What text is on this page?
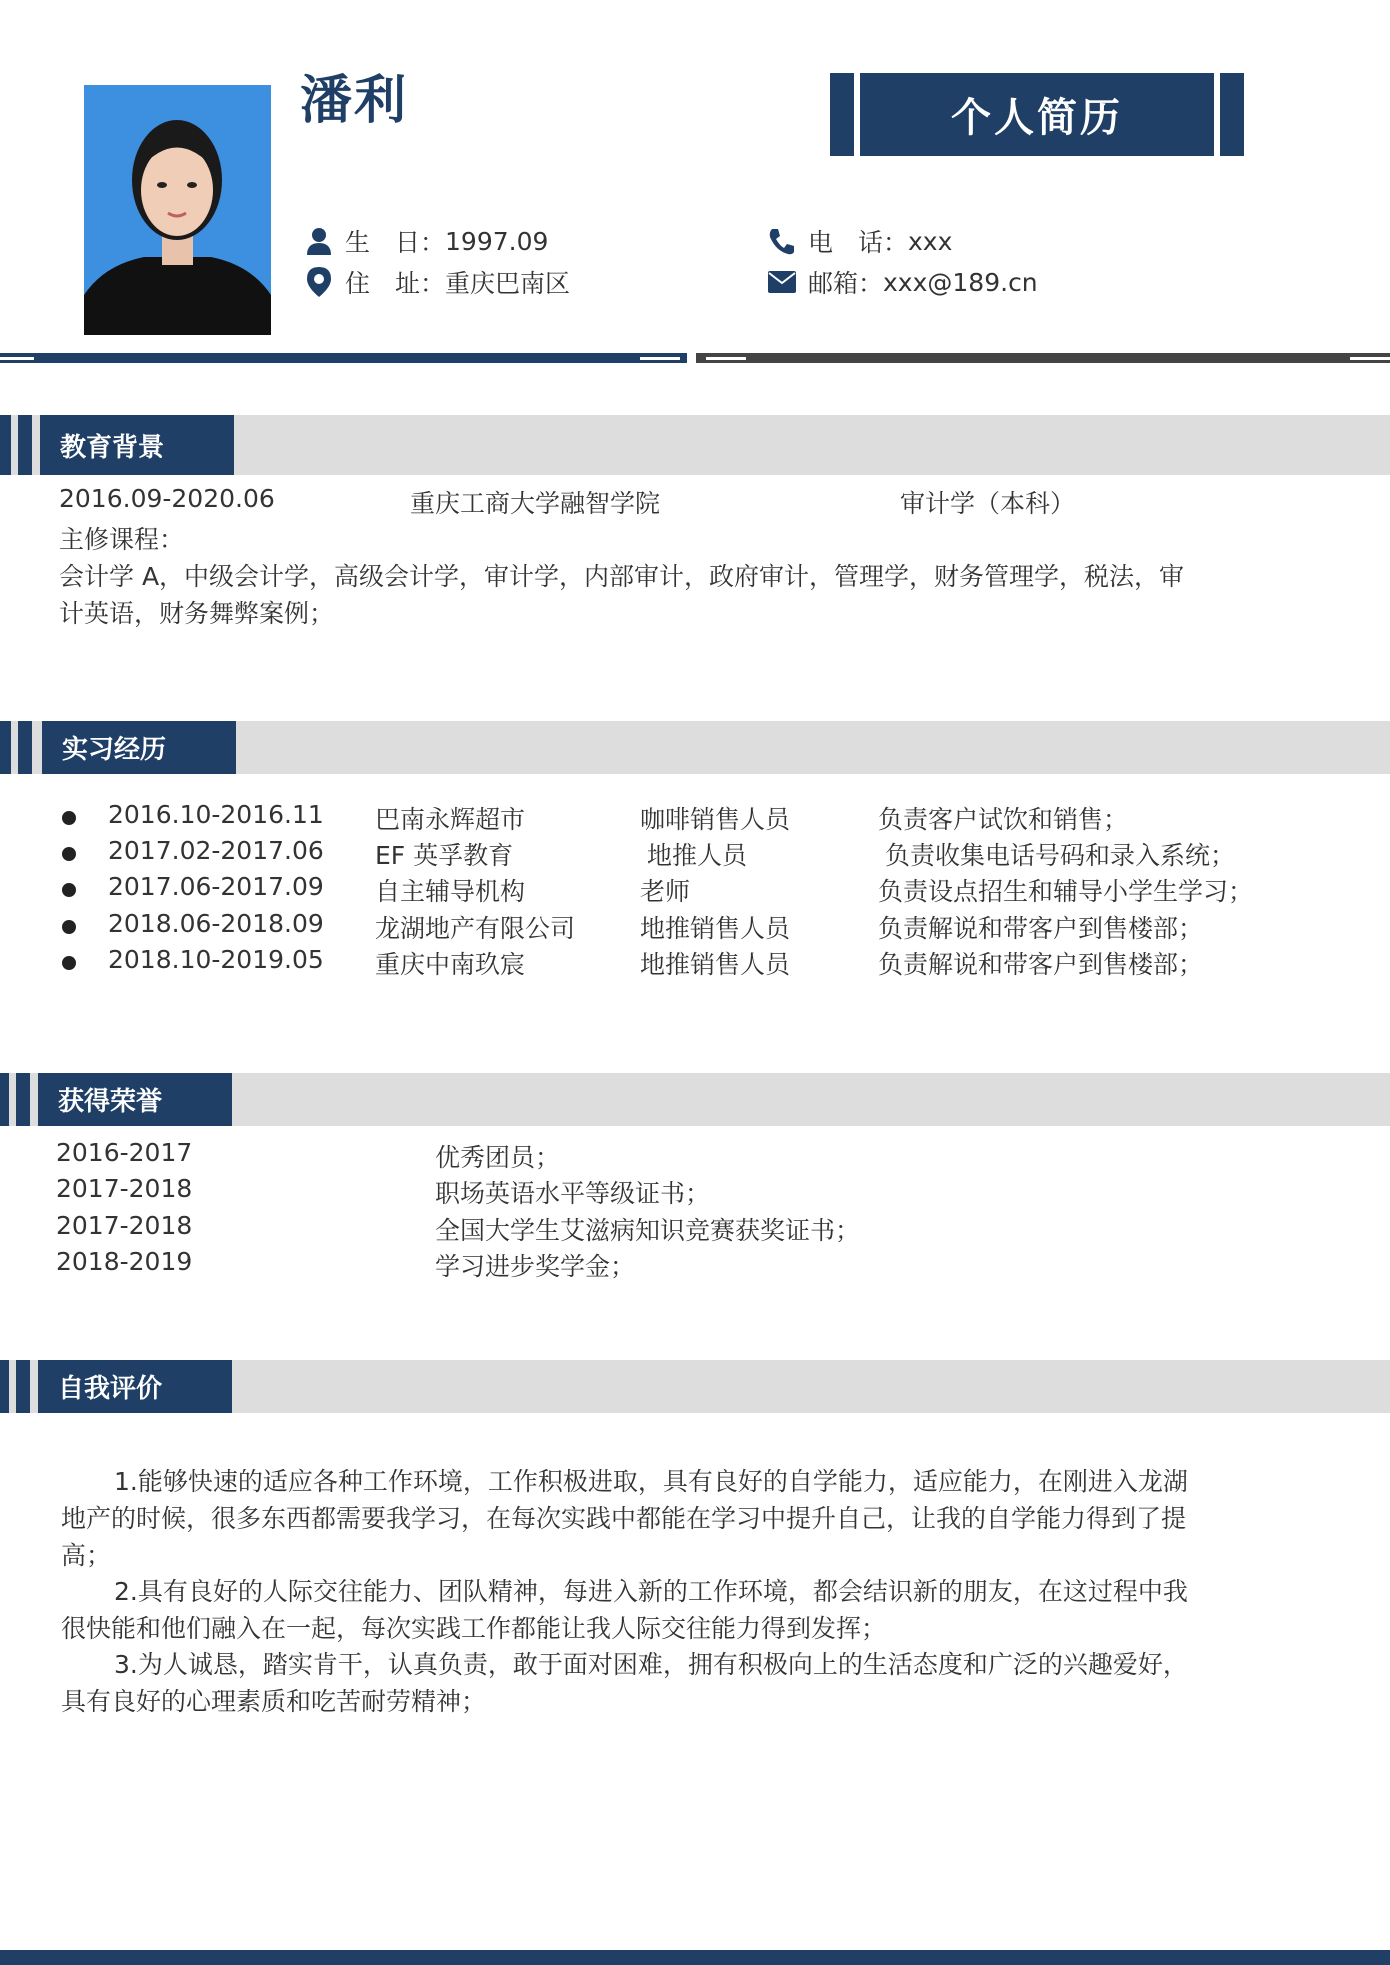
潘利	个人简历
生　日： 1997.09
住　址： 重庆巴南区
电　话： xxx
邮箱： xxx@189.cn
教育背景
2016.09-2020.06	重庆工商大学融智学院	审计学（本科）
主修课程：
会计学 A，中级会计学，高级会计学，审计学，内部审计，政府审计，管理学，财务管理学，税法，审
计英语，财务舞弊案例；
实习经历
2016.10-2016.11 巴南永辉超市	咖啡销售人员	负责客户试饮和销售；
2017.02-2017.06 EF 英孚教育	地推人员	负责收集电话号码和录入系统；
2017.06-2017.09 自主辅导机构	老师	负责设点招生和辅导小学生学习；
2018.06-2018.09 龙湖地产有限公司	地推销售人员	负责解说和带客户到售楼部；
2018.10-2019.05 重庆中南玖宸	地推销售人员	负责解说和带客户到售楼部；
获得荣誉
2016-2017	优秀团员；
2017-2018	职场英语水平等级证书；
2017-2018	全国大学生艾滋病知识竞赛获奖证书；
2018-2019	学习进步奖学金；
自我评价
1.能够快速的适应各种工作环境，工作积极进取，具有良好的自学能力，适应能力，在刚进入龙湖
地产的时候，很多东西都需要我学习，在每次实践中都能在学习中提升自己，让我的自学能力得到了提
高；
2.具有良好的人际交往能力、团队精神，每进入新的工作环境，都会结识新的朋友，在这过程中我
很快能和他们融入在一起，每次实践工作都能让我人际交往能力得到发挥；
3.为人诚恳，踏实肯干，认真负责，敢于面对困难，拥有积极向上的生活态度和广泛的兴趣爱好，
具有良好的心理素质和吃苦耐劳精神；
